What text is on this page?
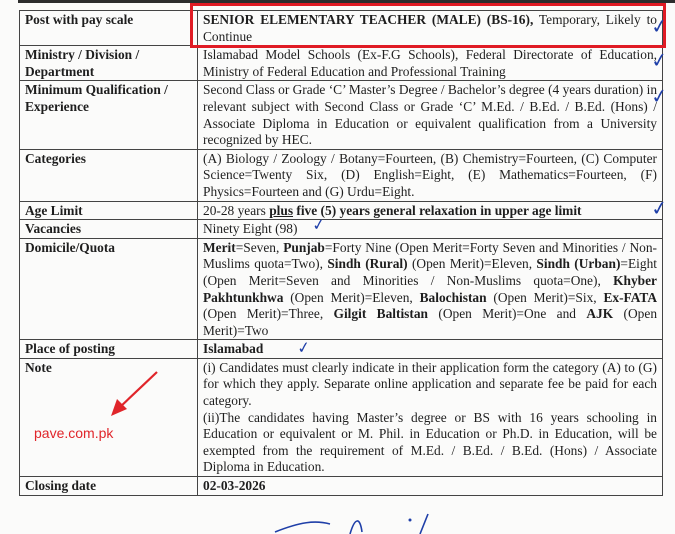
Post with pay scale	SENIOR ELEMENTARY TEACHER (MALE) (BS-16), Temporary, Likely to Continue
Ministry / Division / Department	Islamabad Model Schools (Ex-F.G Schools), Federal Directorate of Education, Ministry of Federal Education and Professional Training
Minimum Qualification / Experience	Second Class or Grade ‘C’ Master’s Degree / Bachelor’s degree (4 years duration) in relevant subject with Second Class or Grade ‘C’ M.Ed. / B.Ed. / B.Ed. (Hons) / Associate Diploma in Education or equivalent qualification from a University recognized by HEC.
Categories	(A) Biology / Zoology / Botany=Fourteen, (B) Chemistry=Fourteen, (C) Computer Science=Twenty Six, (D) English=Eight, (E) Mathematics=Fourteen, (F) Physics=Fourteen and (G) Urdu=Eight.
Age Limit	20-28 years plus five (5) years general relaxation in upper age limit
Vacancies	Ninety Eight (98)
Domicile/Quota	Merit=Seven, Punjab=Forty Nine (Open Merit=Forty Seven and Minorities / Non-Muslims quota=Two), Sindh (Rural) (Open Merit)=Eleven, Sindh (Urban)=Eight (Open Merit=Seven and Minorities / Non-Muslims quota=One), Khyber Pakhtunkhwa (Open Merit)=Eleven, Balochistan (Open Merit)=Six, Ex-FATA (Open Merit)=Three, Gilgit Baltistan (Open Merit)=One and AJK (Open Merit)=Two
Place of posting	Islamabad
Note	(i) Candidates must clearly indicate in their application form the category (A) to (G) for which they apply. Separate online application and separate fee be paid for each category.

(ii)The candidates having Master’s degree or BS with 16 years schooling in Education or equivalent or M. Phil. in Education or Ph.D. in Education, will be exempted from the requirement of M.Ed. / B.Ed. / B.Ed. (Hons) / Associate Diploma in Education.

Closing date	02-03-2026
✓
✓
✓
✓
✓
✓
pave.com.pk
